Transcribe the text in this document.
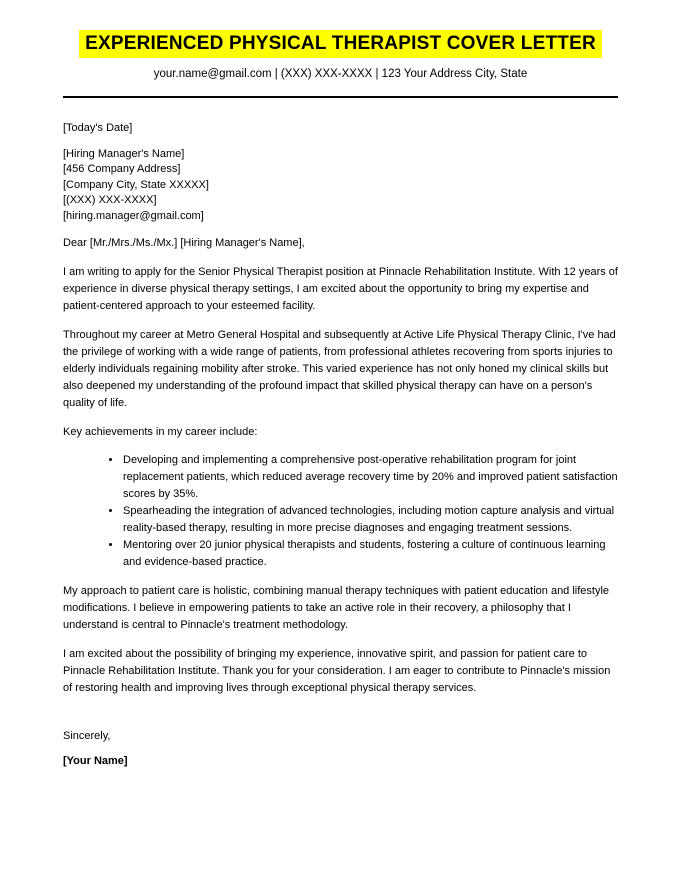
EXPERIENCED PHYSICAL THERAPIST COVER LETTER
your.name@gmail.com | (XXX) XXX-XXXX | 123 Your Address City, State
[Today's Date]
[Hiring Manager's Name]
[456 Company Address]
[Company City, State XXXXX]
[(XXX) XXX-XXXX]
[hiring.manager@gmail.com]
Dear [Mr./Mrs./Ms./Mx.] [Hiring Manager's Name],

I am writing to apply for the Senior Physical Therapist position at Pinnacle Rehabilitation Institute. With 12 years of experience in diverse physical therapy settings, I am excited about the opportunity to bring my expertise and patient-centered approach to your esteemed facility.

Throughout my career at Metro General Hospital and subsequently at Active Life Physical Therapy Clinic, I've had the privilege of working with a wide range of patients, from professional athletes recovering from sports injuries to elderly individuals regaining mobility after stroke. This varied experience has not only honed my clinical skills but also deepened my understanding of the profound impact that skilled physical therapy can have on a person's quality of life.

Key achievements in my career include:

• Developing and implementing a comprehensive post-operative rehabilitation program for joint replacement patients, which reduced average recovery time by 20% and improved patient satisfaction scores by 35%.
• Spearheading the integration of advanced technologies, including motion capture analysis and virtual reality-based therapy, resulting in more precise diagnoses and engaging treatment sessions.
• Mentoring over 20 junior physical therapists and students, fostering a culture of continuous learning and evidence-based practice.

My approach to patient care is holistic, combining manual therapy techniques with patient education and lifestyle modifications. I believe in empowering patients to take an active role in their recovery, a philosophy that I understand is central to Pinnacle's treatment methodology.

I am excited about the possibility of bringing my experience, innovative spirit, and passion for patient care to Pinnacle Rehabilitation Institute. Thank you for your consideration. I am eager to contribute to Pinnacle's mission of restoring health and improving lives through exceptional physical therapy services.

Sincerely,
[Your Name]
